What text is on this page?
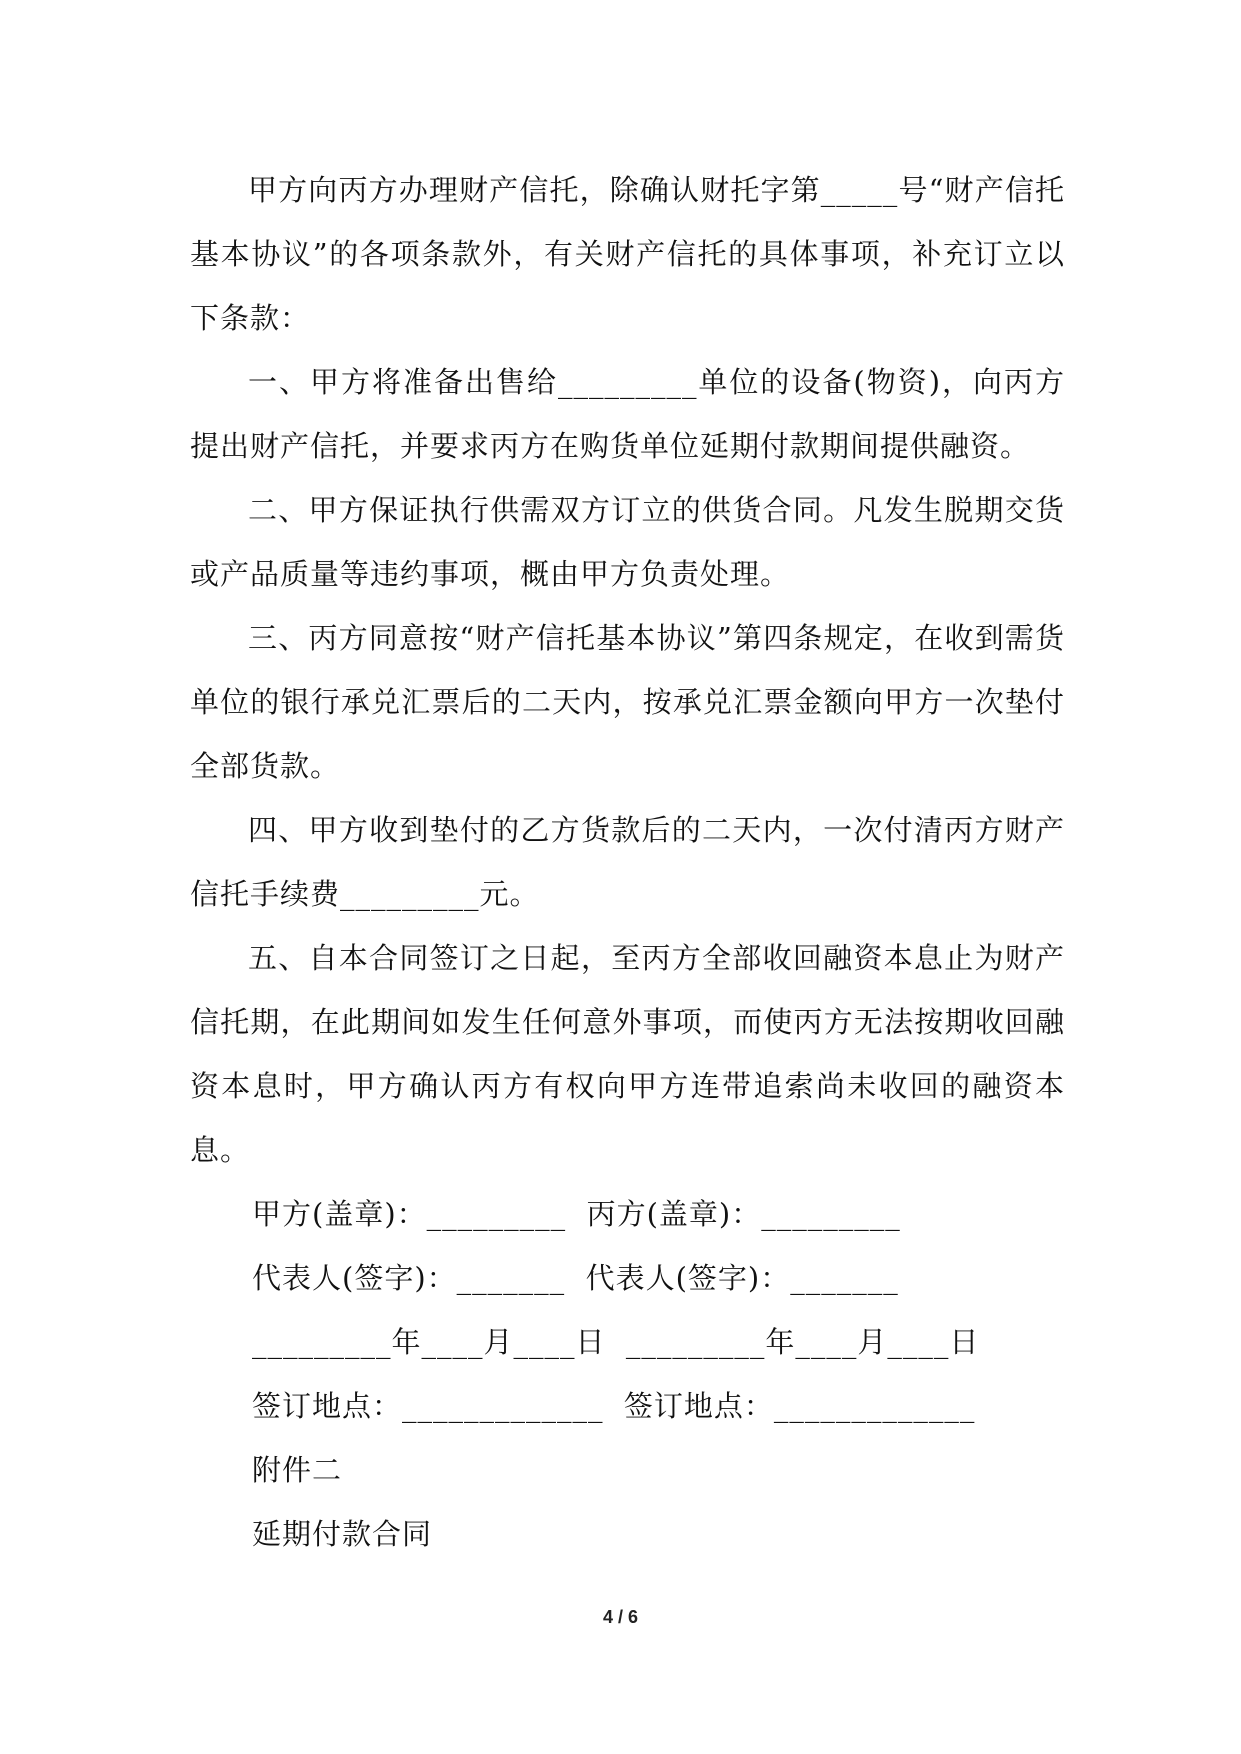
甲方向丙方办理财产信托，除确认财托字第_____号“财产信托基本协议”的各项条款外，有关财产信托的具体事项，补充订立以下条款：

一、甲方将准备出售给_________单位的设备(物资)，向丙方提出财产信托，并要求丙方在购货单位延期付款期间提供融资。

二、甲方保证执行供需双方订立的供货合同。凡发生脱期交货或产品质量等违约事项，概由甲方负责处理。

三、丙方同意按“财产信托基本协议”第四条规定，在收到需货单位的银行承兑汇票后的二天内，按承兑汇票金额向甲方一次垫付全部货款。

四、甲方收到垫付的乙方货款后的二天内，一次付清丙方财产信托手续费_________元。

五、自本合同签订之日起，至丙方全部收回融资本息止为财产信托期，在此期间如发生任何意外事项，而使丙方无法按期收回融资本息时，甲方确认丙方有权向甲方连带追索尚未收回的融资本息。

甲方(盖章)：_________  丙方(盖章)：_________

代表人(签字)：_______  代表人(签字)：_______

_________年____月____日  _________年____月____日

签订地点：_____________  签订地点：_____________

附件二

延期付款合同

4 / 6
